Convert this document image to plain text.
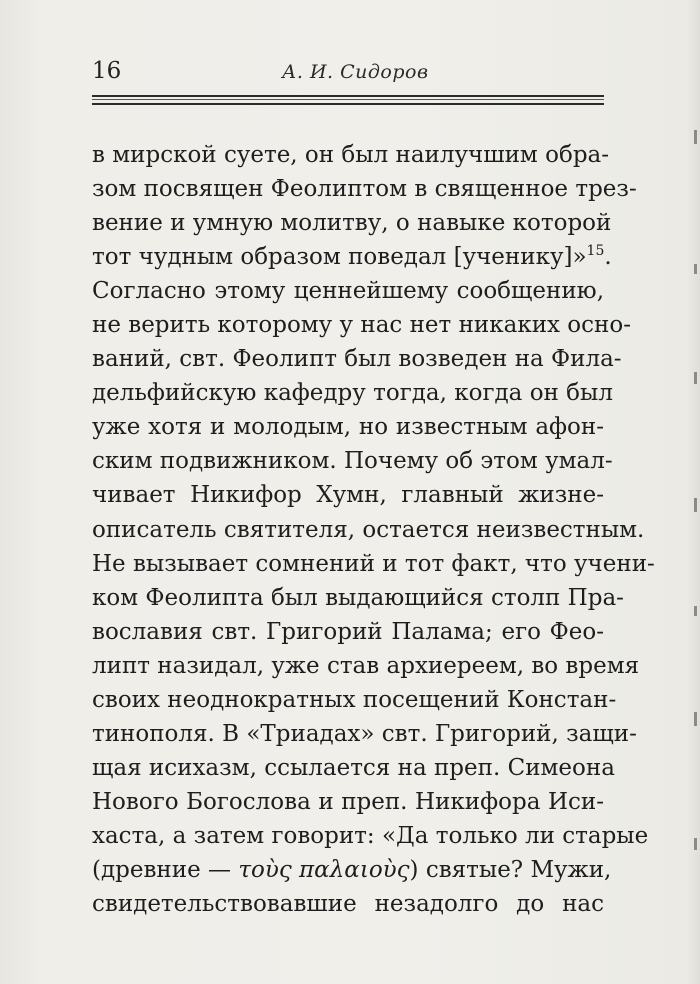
16	А. И. Сидоров
в мирской суете, он был наилучшим обра-
зом посвящен Феолиптом в священное трез-
вение и умную молитву, о навыке которой
тот чудным образом поведал [ученику]»$^{15}$.
Согласно этому ценнейшему сообщению,
не верить которому у нас нет никаких осно-
ваний, свт. Феолипт был возведен на Фила-
дельфийскую кафедру тогда, когда он был
уже хотя и молодым, но известным афон-
ским подвижником. Почему об этом умал-
чивает Никифор Хумн, главный жизне-
описатель святителя, остается неизвестным.
Не вызывает сомнений и тот факт, что учени-
ком Феолипта был выдающийся столп Пра-
вославия свт. Григорий Палама; его Фео-
липт назидал, уже став архиереем, во время
своих неоднократных посещений Констан-
тинополя. В «Триадах» свт. Григорий, защи-
щая исихазм, ссылается на преп. Симеона
Нового Богослова и преп. Никифора Иси-
хаста, а затем говорит: «Да только ли старые
(древние — τοὺς παλαιοὺς) святые? Мужи,
свидетельствовавшие незадолго до нас
